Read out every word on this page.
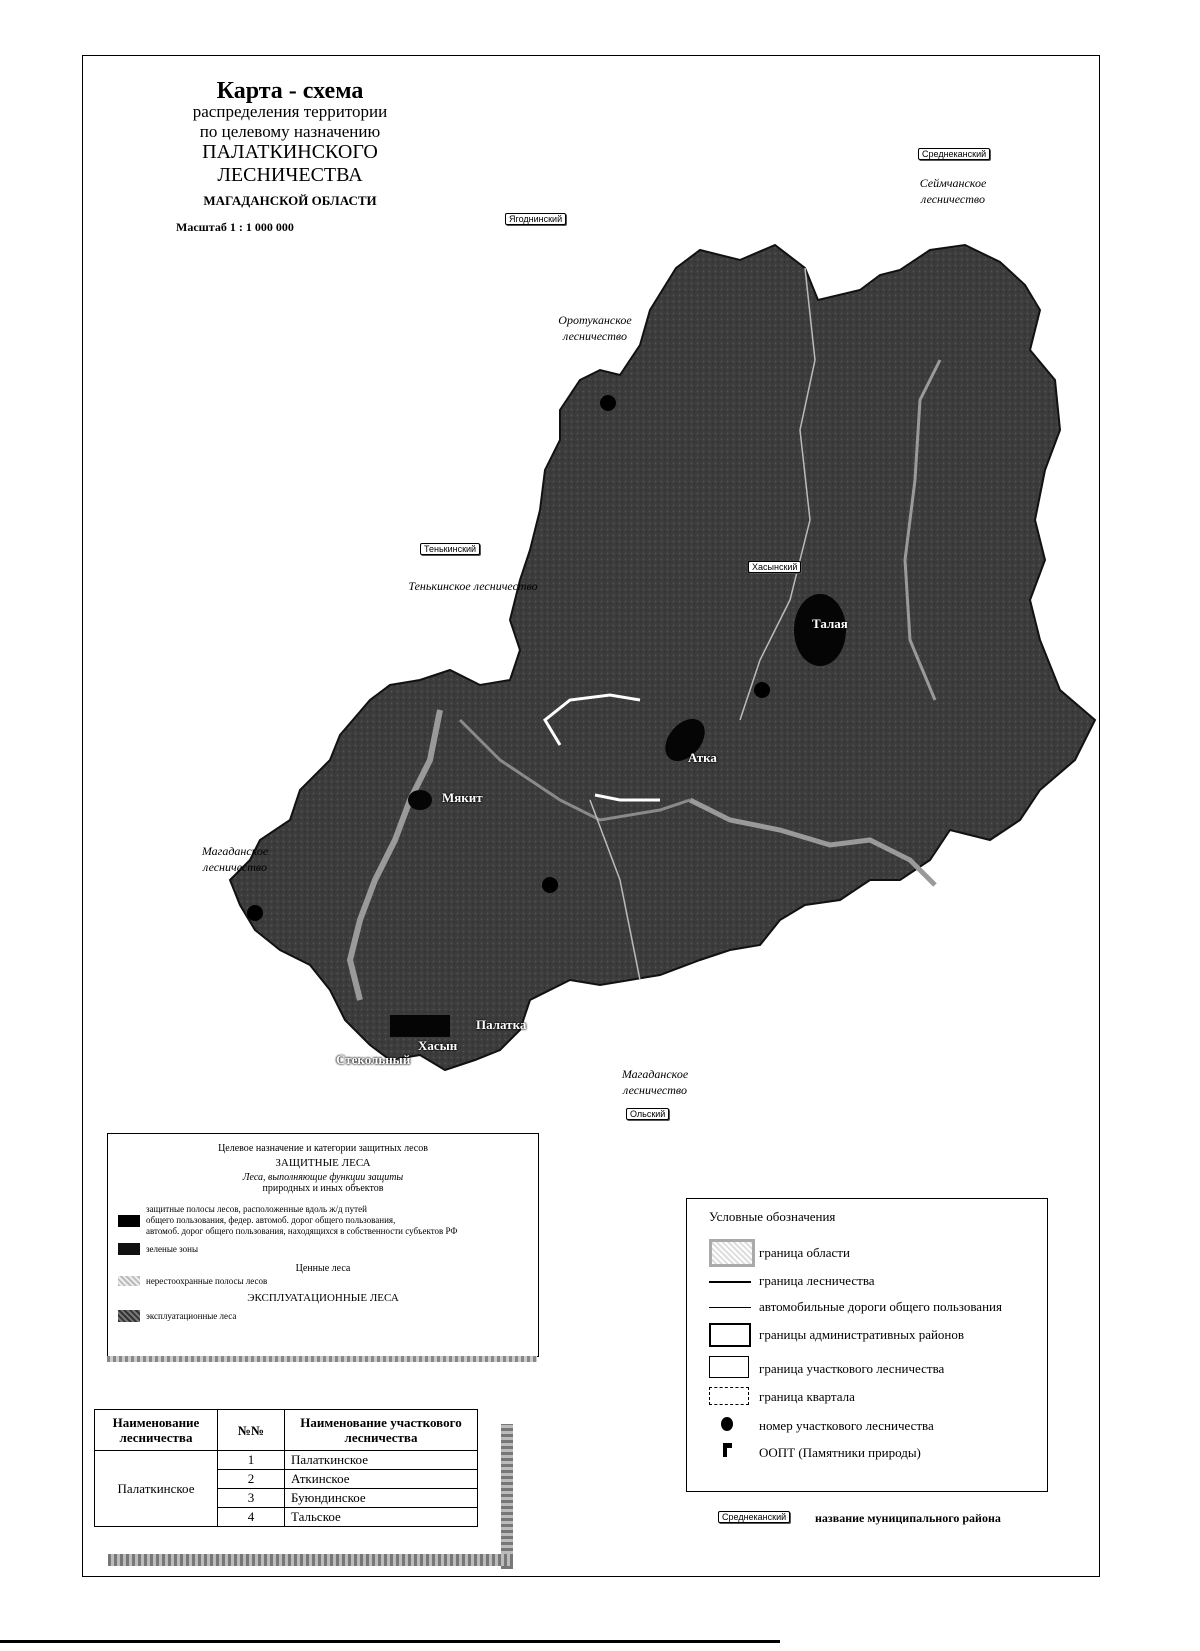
Карта - схема
распределения территории
по целевому назначению
ПАЛАТКИНСКОГО
ЛЕСНИЧЕСТВА
МАГАДАНСКОЙ ОБЛАСТИ
Масштаб 1 : 1 000 000
Среднеканский
Ягоднинский
Тенькинский
Хасынский
Ольский
Сеймчанское лесничество
Оротуканское лесничество
Тенькинское лесничество
Магаданское лесничество
Магаданское лесничество
Талая
Атка
Мякит
Палатка
Хасын
Стекольный
Целевое назначение и категории защитных лесов
ЗАЩИТНЫЕ ЛЕСА
Леса, выполняющие функции защиты
природных и иных объектов
защитные полосы лесов, расположенные вдоль ж/д путей
общего пользования, федер. автомоб. дорог общего пользования,
автомоб. дорог общего пользования, находящихся в собственности субъектов РФ
зеленые зоны
Ценные леса
нерестоохранные полосы лесов
ЭКСПЛУАТАЦИОННЫЕ ЛЕСА
эксплуатационные леса
Условные обозначения
граница области
граница лесничества
автомобильные дороги общего пользования
границы административных районов
граница участкового лесничества
граница квартала
номер участкового лесничества
ООПТ (Памятники природы)
Среднеканский	название муниципального района
Наименование лесничества	№№	Наименование участкового лесничества
Палаткинское	1	Палаткинское
	2	Аткинское
	3	Буюндинское
	4	Тальское
